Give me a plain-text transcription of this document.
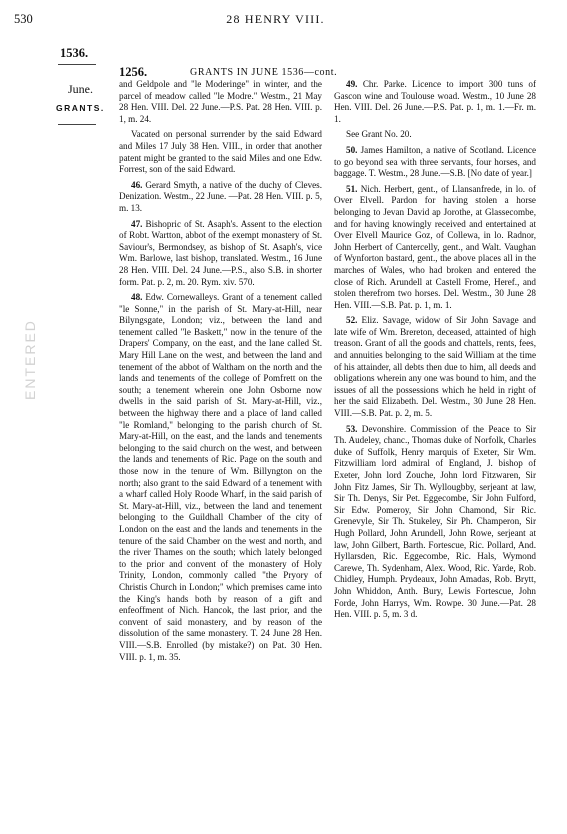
530	28 HENRY VIII.
1536.
June.
GRANTS.
ENTERED
1256.	GRANTS IN JUNE 1536—cont.

and Geldpole and "le Moderinge" in winter, and the parcel of meadow called "le Modre." Westm., 21 May 28 Hen. VIII. Del. 22 June.—P.S. Pat. 28 Hen. VIII. p. 1, m. 24.

Vacated on personal surrender by the said Edward and Miles 17 July 38 Hen. VIII., in order that another patent might be granted to the said Miles and one Edw. Forrest, son of the said Edward.

46. Gerard Smyth, a native of the duchy of Cleves. Denization. Westm., 22 June. —Pat. 28 Hen. VIII. p. 5, m. 13.

47. Bishopric of St. Asaph's. Assent to the election of Robt. Wartton, abbot of the exempt monastery of St. Saviour's, Bermondsey, as bishop of St. Asaph's, vice Wm. Barlowe, last bishop, translated. Westm., 16 June 28 Hen. VIII. Del. 24 June.—P.S., also S.B. in shorter form. Pat. p. 2, m. 20. Rym. xiv. 570.

48. Edw. Cornewalleys. Grant of a tenement called "le Sonne," in the parish of St. Mary-at-Hill, near Bilyngsgate, London; viz., between the land and tenement called "le Baskett," now in the tenure of the Drapers' Company, on the east, and the lane called St. Mary Hill Lane on the west, and between the land and tenement of the abbot of Waltham on the north and the lands and tenements of the college of Pomfrett on the south; a tenement wherein one John Osborne now dwells in the said parish of St. Mary-at-Hill, viz., between the highway there and a place of land called "le Romland," belonging to the parish church of St. Mary-at-Hill, on the east, and the lands and tenements belonging to the said church on the west, and between the lands and tenements of Ric. Page on the south and those now in the tenure of Wm. Billyngton on the north; also grant to the said Edward of a tenement with a wharf called Holy Roode Wharf, in the said parish of St. Mary-at-Hill, viz., between the land and tenement belonging to the Guildhall Chamber of the city of London on the east and the lands and tenements in the tenure of the said Chamber on the west and north, and the river Thames on the south; which lately belonged to the prior and convent of the monastery of Holy Trinity, London, commonly called "the Pryory of Christis Church in London;" which premises came into the King's hands both by reason of a gift and enfeoffment of Nich. Hancok, the last prior, and the convent of said monastery, and by reason of the dissolution of the same monastery. T. 24 June 28 Hen. VIII.—S.B. Enrolled (by mistake?) on Pat. 30 Hen. VIII. p. 1, m. 35.

49. Chr. Parke. Licence to import 300 tuns of Gascon wine and Toulouse woad. Westm., 10 June 28 Hen. VIII. Del. 26 June.—P.S. Pat. p. 1, m. 1.—Fr. m. 1.

See Grant No. 20.

50. James Hamilton, a native of Scotland. Licence to go beyond sea with three servants, four horses, and baggage. T. Westm., 28 June.—S.B. [No date of year.]

51. Nich. Herbert, gent., of Llansanfrede, in lo. of Over Elvell. Pardon for having stolen a horse belonging to Jevan David ap Jorothe, at Glassecombe, and for having knowingly received and entertained at Over Elvell Maurice Goz, of Collewa, in lo. Radnor, John Herbert of Cantercelly, gent., and Walt. Vaughan of Wynforton bastard, gent., the above places all in the marches of Wales, who had broken and entered the close of Rich. Arundell at Castell Frome, Heref., and stolen therefrom two horses. Del. Westm., 30 June 28 Hen. VIII.—S.B. Pat. p. 1, m. 1.

52. Eliz. Savage, widow of Sir John Savage and late wife of Wm. Brereton, deceased, attainted of high treason. Grant of all the goods and chattels, rents, fees, and annuities belonging to the said William at the time of his attainder, all debts then due to him, all deeds and obligations wherein any one was bound to him, and the issues of all the possessions which he held in right of her the said Elizabeth. Del. Westm., 30 June 28 Hen. VIII.—S.B. Pat. p. 2, m. 5.

53. Devonshire. Commission of the Peace to Sir Th. Audeley, chanc., Thomas duke of Norfolk, Charles duke of Suffolk, Henry marquis of Exeter, Sir Wm. Fitzwilliam lord admiral of England, J. bishop of Exeter, John lord Zouche, John lord Fitzwaren, Sir John Fitz James, Sir Th. Wyllougbby, serjeant at law, Sir Th. Denys, Sir Pet. Eggecombe, Sir John Fulford, Sir Edw. Pomeroy, Sir John Chamond, Sir Ric. Grenevyle, Sir Th. Stukeley, Sir Ph. Champeron, Sir Hugh Pollard, John Arundell, John Rowe, serjeant at law, John Gilbert, Barth. Fortescue, Ric. Pollard, And. Hyllarsden, Ric. Eggecombe, Ric. Hals, Wymond Carewe, Th. Sydenham, Alex. Wood, Ric. Yarde, Rob. Chidley, Humph. Prydeaux, John Amadas, Rob. Brytt, John Whiddon, Anth. Bury, Lewis Fortescue, John Forde, John Harrys, Wm. Rowpe. 30 June.—Pat. 28 Hen. VIII. p. 5, m. 3 d.
